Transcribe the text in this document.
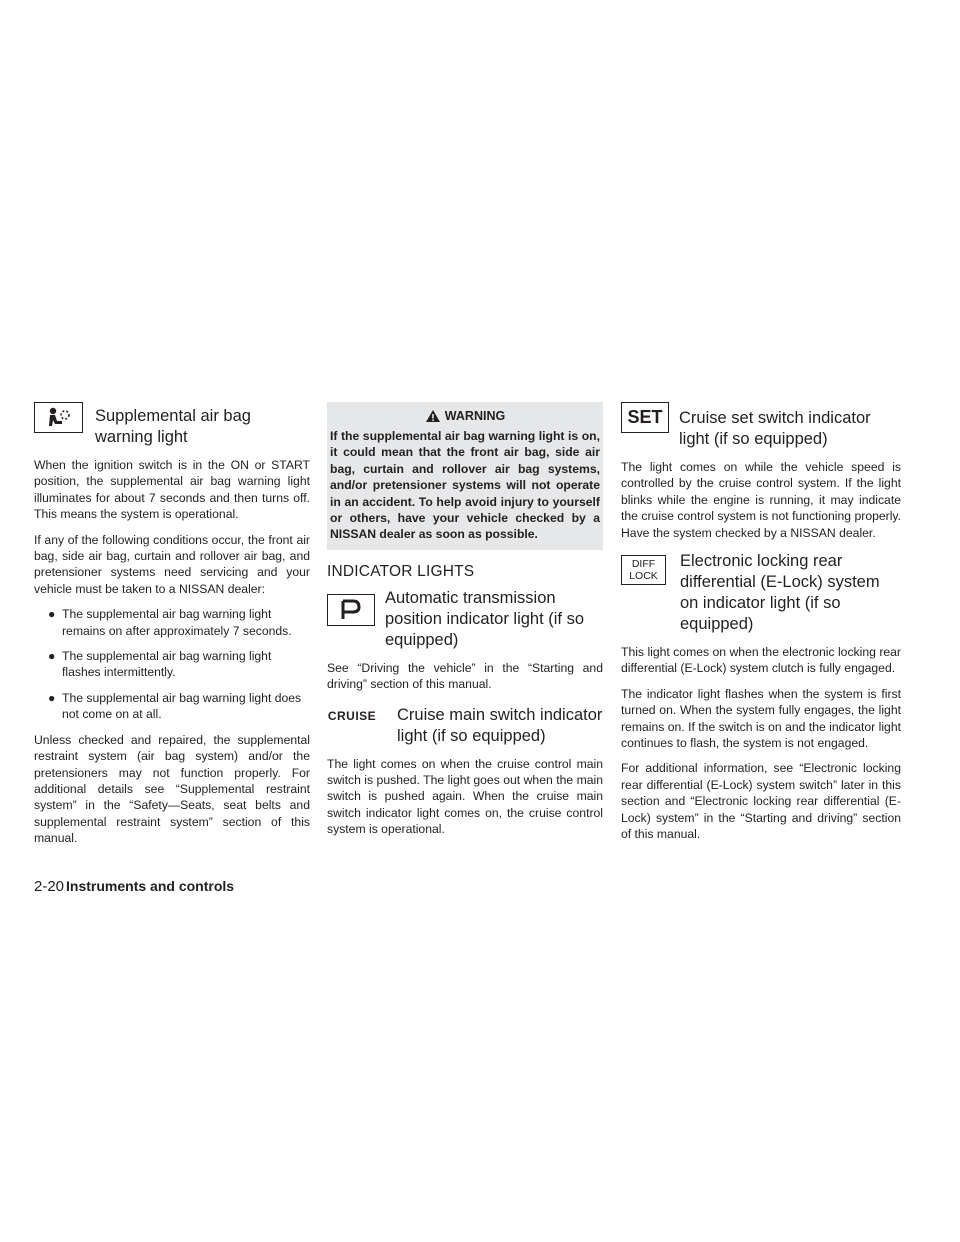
Supplemental air bag warning light

When the ignition switch is in the ON or START position, the supplemental air bag warning light illuminates for about 7 seconds and then turns off. This means the system is operational.

If any of the following conditions occur, the front air bag, side air bag, curtain and rollover air bag, and pretensioner systems need servicing and your vehicle must be taken to a NISSAN dealer:

● The supplemental air bag warning light remains on after approximately 7 seconds.
● The supplemental air bag warning light flashes intermittently.
● The supplemental air bag warning light does not come on at all.

Unless checked and repaired, the supplemental restraint system (air bag system) and/or the pretensioners may not function properly. For additional details see “Supplemental restraint system” in the “Safety—Seats, seat belts and supplemental restraint system” section of this manual.

WARNING
If the supplemental air bag warning light is on, it could mean that the front air bag, side air bag, curtain and rollover air bag systems, and/or pretensioner systems will not operate in an accident. To help avoid injury to yourself or others, have your vehicle checked by a NISSAN dealer as soon as possible.
INDICATOR LIGHTS
Automatic transmission position indicator light (if so equipped)

See “Driving the vehicle” in the “Starting and driving” section of this manual.

CRUISE	Cruise main switch indicator light (if so equipped)

The light comes on when the cruise control main switch is pushed. The light goes out when the main switch is pushed again. When the cruise main switch indicator light comes on, the cruise control system is operational.

SET	Cruise set switch indicator light (if so equipped)

The light comes on while the vehicle speed is controlled by the cruise control system. If the light blinks while the engine is running, it may indicate the cruise control system is not functioning properly. Have the system checked by a NISSAN dealer.

DIFF
LOCK
Electronic locking rear differential (E-Lock) system on indicator light (if so equipped)

This light comes on when the electronic locking rear differential (E-Lock) system clutch is fully engaged.

The indicator light flashes when the system is first turned on. When the system fully engages, the light remains on. If the switch is on and the indicator light continues to flash, the system is not engaged.

For additional information, see “Electronic locking rear differential (E-Lock) system switch” later in this section and “Electronic locking rear differential (E-Lock) system” in the “Starting and driving” section of this manual.

2-20 Instruments and controls
